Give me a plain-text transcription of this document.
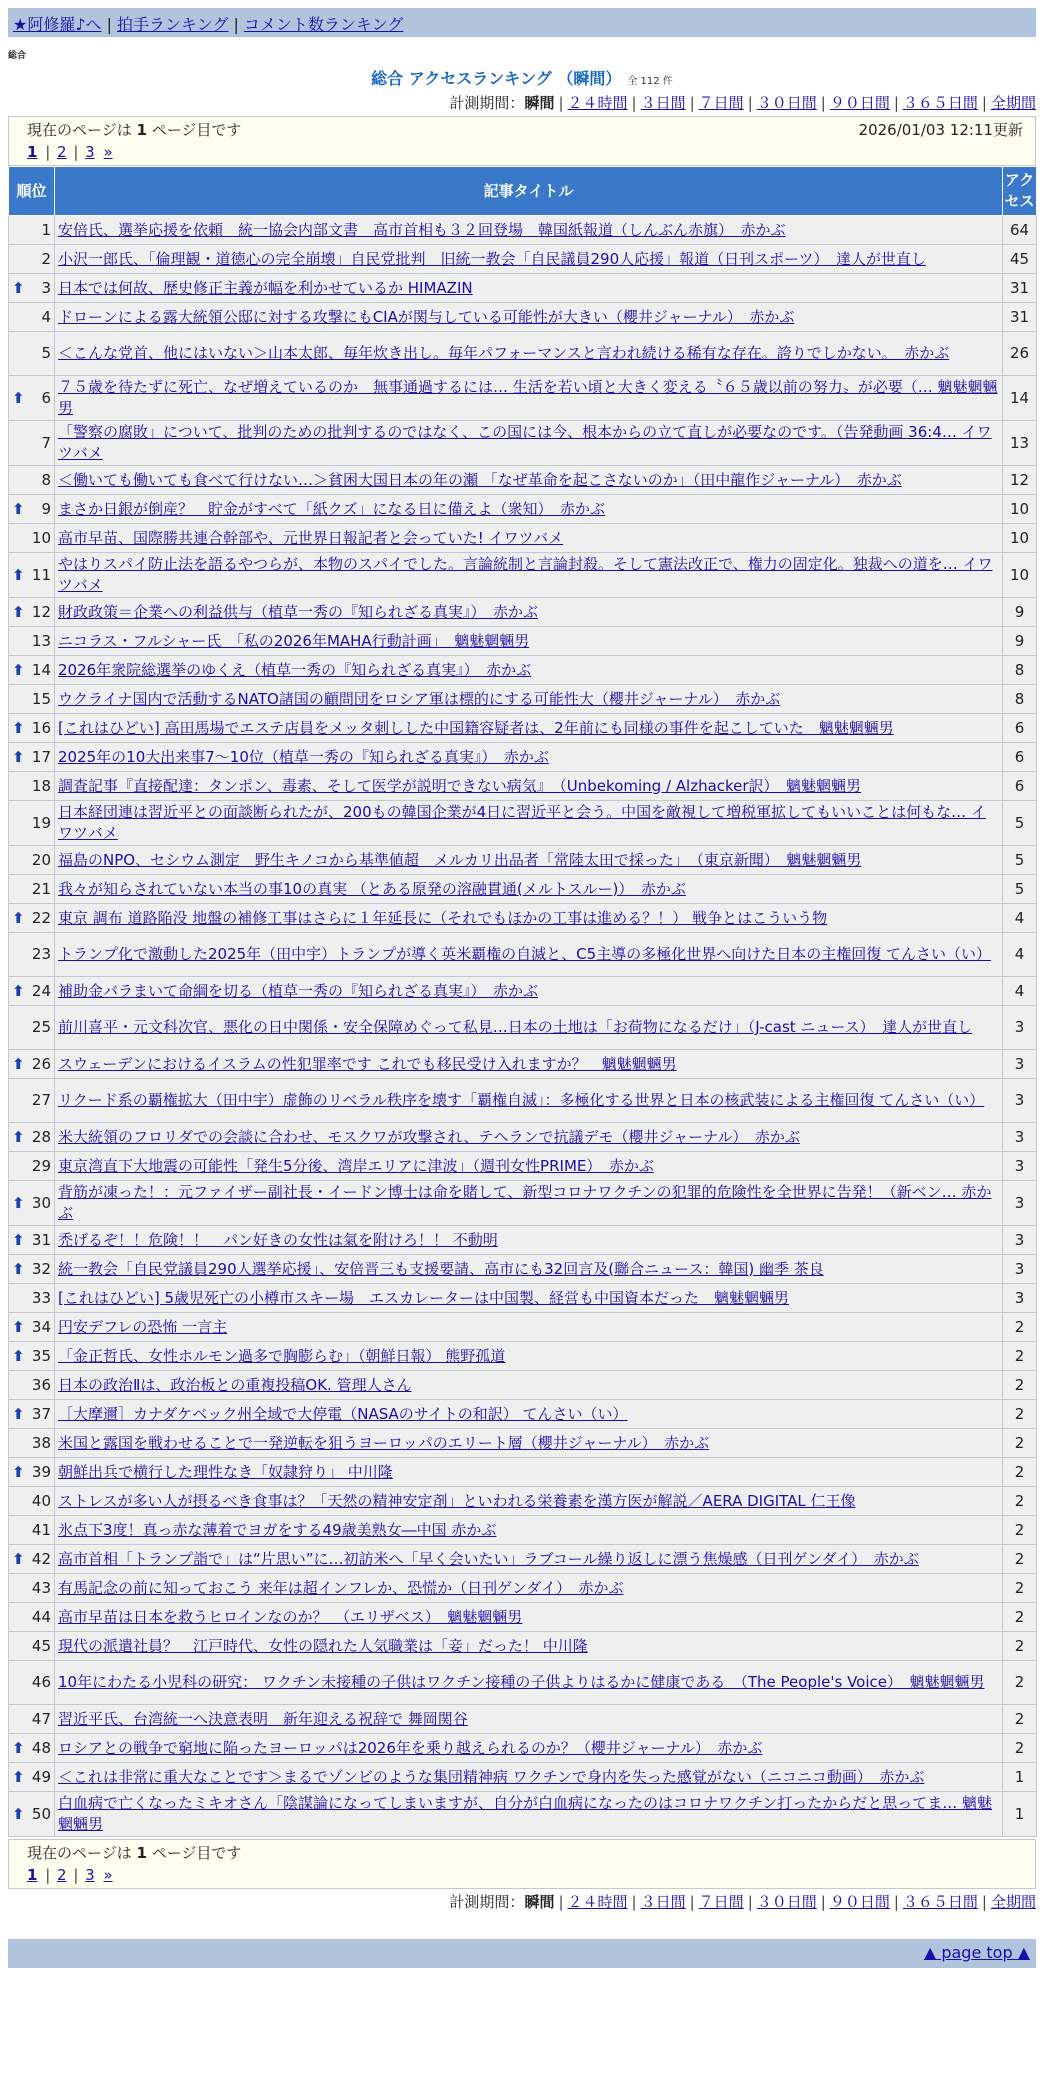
★阿修羅♪へ | 拍手ランキング | コメント数ランキング
総合
総合 アクセスランキング （瞬間） 全 112 件
計測期間：瞬間 | ２４時間 | ３日間 | ７日間 | ３０日間 | ９０日間 | ３６５日間 | 全期間
現在のページは 1 ページ目です	2026/01/03 12:11更新
1 | 2 | 3 »
順位	記事タイトル	アクセス
1	安倍氏、選挙応援を依頼　統一協会内部文書　高市首相も３２回登場　韓国紙報道（しんぶん赤旗）　赤かぶ	64
2	小沢一郎氏、「倫理観・道徳心の完全崩壊」自民党批判　旧統一教会「自民議員290人応援」報道（日刊スポーツ）　達人が世直し	45

⬆ 3	日本では何故、歴史修正主義が幅を利かせているか HIMAZIN	31
4	ドローンによる露大統領公邸に対する攻撃にもCIAが関与している可能性が大きい（櫻井ジャーナル）　赤かぶ	31
5	＜こんな党首、他にはいない＞山本太郎、毎年炊き出し。毎年パフォーマンスと言われ続ける稀有な存在。誇りでしかない。　赤かぶ	26

⬆ 6	７５歳を待たずに死亡、なぜ増えているのか　無事通過するには… 生活を若い頃と大きく変える〝６５歳以前の努力〟が必要（… 魑魅魍魎男	14
7	「警察の腐敗」について、批判のための批判するのではなく、この国には今、根本からの立て直しが必要なのです。（告発動画 36:4… イワツバメ	13
8	＜働いても働いても食べて行けない…＞貧困大国日本の年の瀬 「なぜ革命を起こさないのか」（田中龍作ジャーナル）　赤かぶ	12

⬆ 9	まさか日銀が倒産？　貯金がすべて「紙クズ」になる日に備えよ（衆知）　赤かぶ	10
10	高市早苗、国際勝共連合幹部や、元世界日報記者と会っていた! イワツバメ	10

⬆ 11	やはりスパイ防止法を語るやつらが、本物のスパイでした。言論統制と言論封殺。そして憲法改正で、権力の固定化。独裁への道を… イワツバメ	10

⬆ 12	財政政策＝企業への利益供与（植草一秀の『知られざる真実』）　赤かぶ	9
13	ニコラス・フルシャー氏　「私の2026年MAHA行動計画」　魑魅魍魎男	9

⬆ 14	2026年衆院総選挙のゆくえ（植草一秀の『知られざる真実』）　赤かぶ	8
15	ウクライナ国内で活動するNATO諸国の顧問団をロシア軍は標的にする可能性大（櫻井ジャーナル）　赤かぶ	8

⬆ 16	[これはひどい] 高田馬場でエステ店員をメッタ刺しした中国籍容疑者は、2年前にも同様の事件を起こしていた　魑魅魍魎男	6

⬆ 17	2025年の10大出来事7～10位（植草一秀の『知られざる真実』）　赤かぶ	6
18	調査記事『直接配達：タンポン、毒素、そして医学が説明できない病気』　（Unbekoming / Alzhacker訳）　魑魅魍魎男	6
19	日本経団連は習近平との面談断られたが、200もの韓国企業が4日に習近平と会う。中国を敵視して増税軍拡してもいいことは何もな… イワツバメ	5
20	福島のNPO、セシウム測定　野生キノコから基準値超　メルカリ出品者「常陸太田で採った」　（東京新聞）　魑魅魍魎男	5
21	我々が知らされていない本当の事10の真実 （とある原発の溶融貫通(メルトスルー)）　赤かぶ	5

⬆ 22	東京 調布 道路陥没 地盤の補修工事はさらに１年延長に（それでもほかの工事は進める？！） 戦争とはこういう物	4
23	トランプ化で激動した2025年（田中宇）トランプが導く英米覇権の自滅と、C5主導の多極化世界へ向けた日本の主権回復 てんさい（い）	4

⬆ 24	補助金バラまいて命綱を切る（植草一秀の『知られざる真実』）　赤かぶ	4
25	前川喜平・元文科次官、悪化の日中関係・安全保障めぐって私見…日本の土地は「お荷物になるだけ」（J-cast ニュース）　達人が世直し	3

⬆ 26	スウェーデンにおけるイスラムの性犯罪率です これでも移民受け入れますか？　魑魅魍魎男	3
27	リクード系の覇権拡大（田中宇）虚飾のリベラル秩序を壊す「覇権自滅」：多極化する世界と日本の核武装による主権回復 てんさい（い）	3

⬆ 28	米大統領のフロリダでの会談に合わせ、モスクワが攻撃され、テヘランで抗議デモ（櫻井ジャーナル）　赤かぶ	3
29	東京湾直下大地震の可能性「発生5分後、湾岸エリアに津波」（週刊女性PRIME）　赤かぶ	3

⬆ 30	背筋が凍った！：元ファイザー副社長・イードン博士は命を賭して、新型コロナワクチンの犯罪的危険性を全世界に告発！（新ベン… 赤かぶ	3

⬆ 31	禿げるぞ！！危険！！　パン好きの女性は氣を附けろ！！ 不動明	3

⬆ 32	統一教会「自民党議員290人選挙応援」、安倍晋三も支援要請、高市にも32回言及(聯合ニュース：韓国) 幽季 茶良	3
33	[これはひどい] 5歳児死亡の小樽市スキー場　エスカレーターは中国製、経営も中国資本だった　魑魅魍魎男	3

⬆ 34	円安デフレの恐怖 一言主	2

⬆ 35	「金正哲氏、女性ホルモン過多で胸膨らむ」（朝鮮日報） 熊野孤道	2
36	日本の政治Ⅱは、政治板との重複投稿OK. 管理人さん	2

⬆ 37	［大摩邇］カナダケベック州全域で大停電（NASAのサイトの和訳） てんさい（い）	2
38	米国と露国を戦わせることで一発逆転を狙うヨーロッパのエリート層（櫻井ジャーナル）　赤かぶ	2

⬆ 39	朝鮮出兵で横行した理性なき「奴隷狩り」 中川隆	2
40	ストレスが多い人が摂るべき食事は？「天然の精神安定剤」といわれる栄養素を漢方医が解説／AERA DIGITAL 仁王像	2
41	氷点下3度！真っ赤な薄着でヨガをする49歳美熟女―中国 赤かぶ	2

⬆ 42	高市首相「トランプ詣で」は“片思い”に…初訪米へ「早く会いたい」ラブコール繰り返しに漂う焦燥感（日刊ゲンダイ）　赤かぶ	2
43	有馬記念の前に知っておこう 来年は超インフレか、恐慌か（日刊ゲンダイ）　赤かぶ	2
44	高市早苗は日本を救うヒロインなのか？　（エリザベス）　魑魅魍魎男	2
45	現代の派遣社員？　江戸時代、女性の隠れた人気職業は「妾」だった！ 中川隆	2
46	10年にわたる小児科の研究： ワクチン未接種の子供はワクチン接種の子供よりはるかに健康である　（The People's Voice）　魑魅魍魎男	2
47	習近平氏、台湾統一へ決意表明　新年迎える祝辞で 舞岡関谷	2

⬆ 48	ロシアとの戦争で窮地に陥ったヨーロッパは2026年を乗り越えられるのか？（櫻井ジャーナル）　赤かぶ	2

⬆ 49	＜これは非常に重大なことです＞まるでゾンビのような集団精神病 ワクチンで身内を失った感覚がない（ニコニコ動画）　赤かぶ	1

⬆ 50	白血病で亡くなったミキオさん「陰謀論になってしまいますが、自分が白血病になったのはコロナワクチン打ったからだと思ってま… 魑魅魍魎男	1
現在のページは 1 ページ目です
1 | 2 | 3 »
計測期間：瞬間 | ２４時間 | ３日間 | ７日間 | ３０日間 | ９０日間 | ３６５日間 | 全期間
▲ page top ▲
